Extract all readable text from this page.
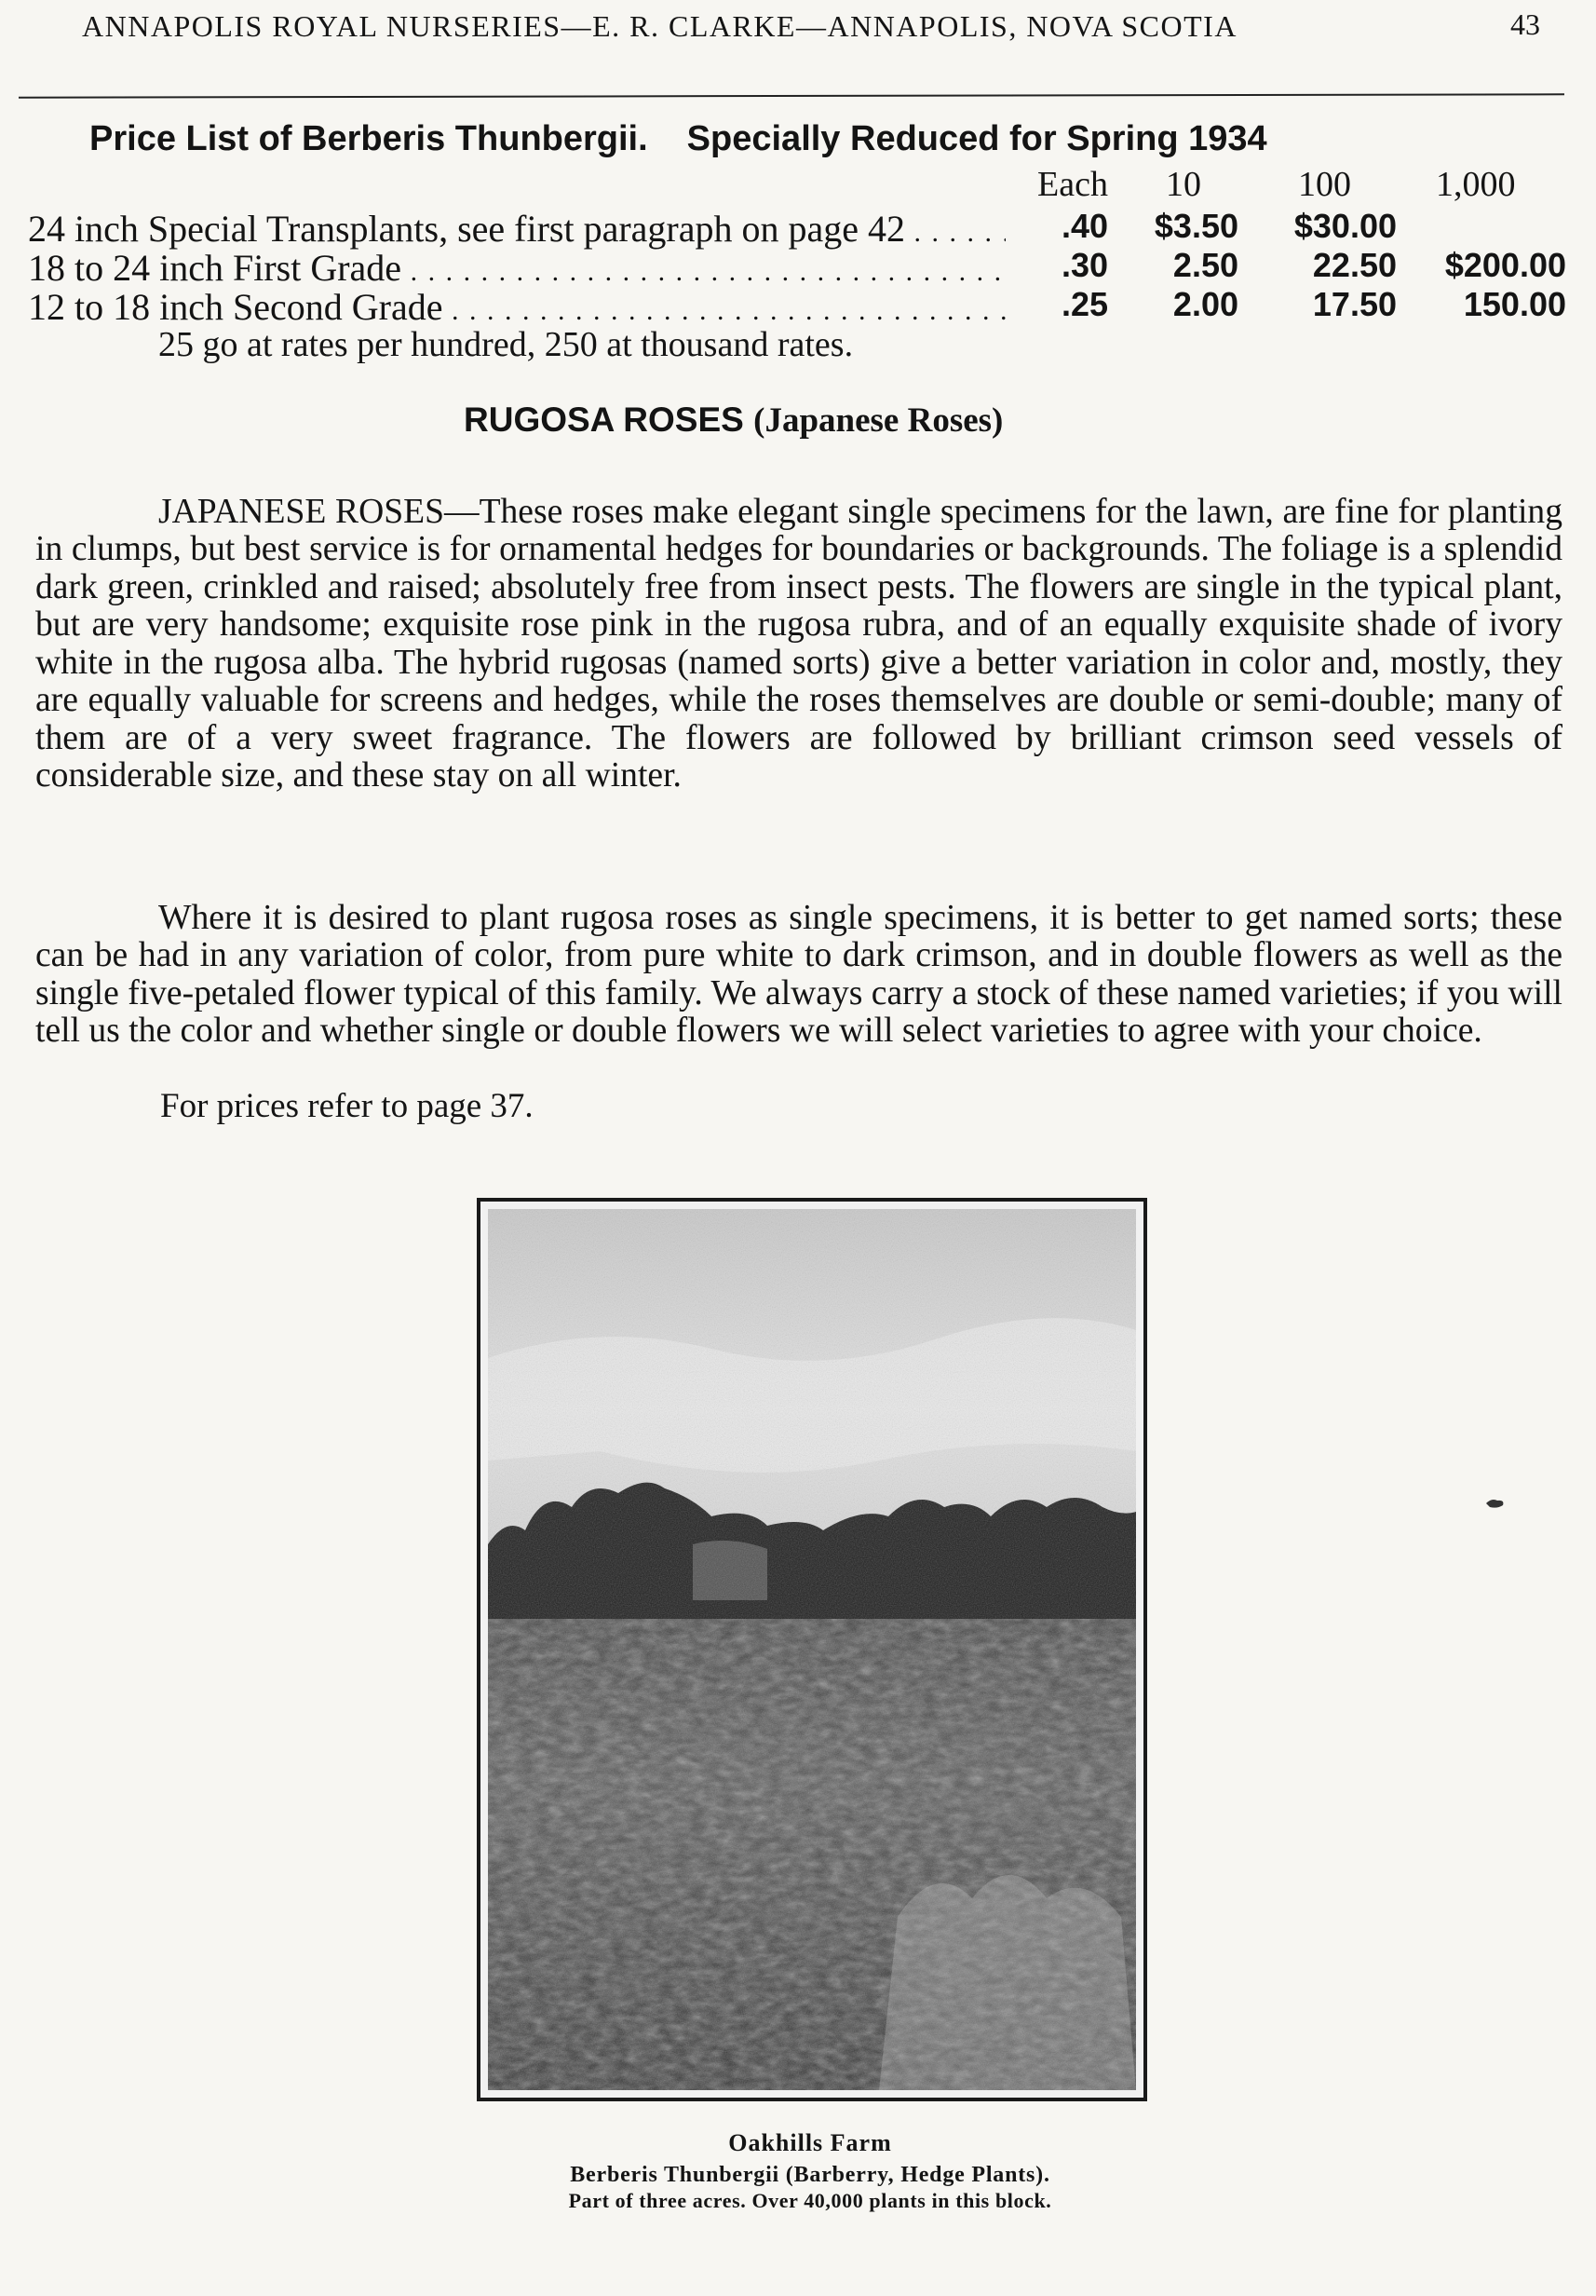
ANNAPOLIS ROYAL NURSERIES—E. R. CLARKE—ANNAPOLIS, NOVA SCOTIA	43
Price List of Berberis Thunbergii. Specially Reduced for Spring 1934
Each 10	100 1,000
24 inch Special Transplants, see first paragraph on page 42 . . .	.40	$3.50	$30.00
18 to 24 inch First Grade . . .	.30	2.50	22.50	$200.00
12 to 18 inch Second Grade . . .	.25	2.00	17.50	150.00
25 go at rates per hundred, 250 at thousand rates.
RUGOSA ROSES (Japanese Roses)

JAPANESE ROSES—These roses make elegant single specimens for the lawn, are fine for planting in clumps, but best service is for ornamental hedges for boundaries or backgrounds. The foliage is a splendid dark green, crinkled and raised; absolutely free from insect pests. The flowers are single in the typical plant, but are very handsome; exquisite rose pink in the rugosa rubra, and of an equally exquisite shade of ivory white in the rugosa alba. The hybrid rugosas (named sorts) give a better variation in color and, mostly, they are equally valuable for screens and hedges, while the roses themselves are double or semi-double; many of them are of a very sweet fragrance. The flowers are followed by brilliant crimson seed vessels of considerable size, and these stay on all winter.

Where it is desired to plant rugosa roses as single specimens, it is better to get named sorts; these can be had in any variation of color, from pure white to dark crimson, and in double flowers as well as the single five-petaled flower typical of this family. We always carry a stock of these named varieties; if you will tell us the color and whether single or double flowers we will select varieties to agree with your choice.

For prices refer to page 37.
Oakhills Farm
Berberis Thunbergii (Barberry, Hedge Plants).
Part of three acres. Over 40,000 plants in this block.
